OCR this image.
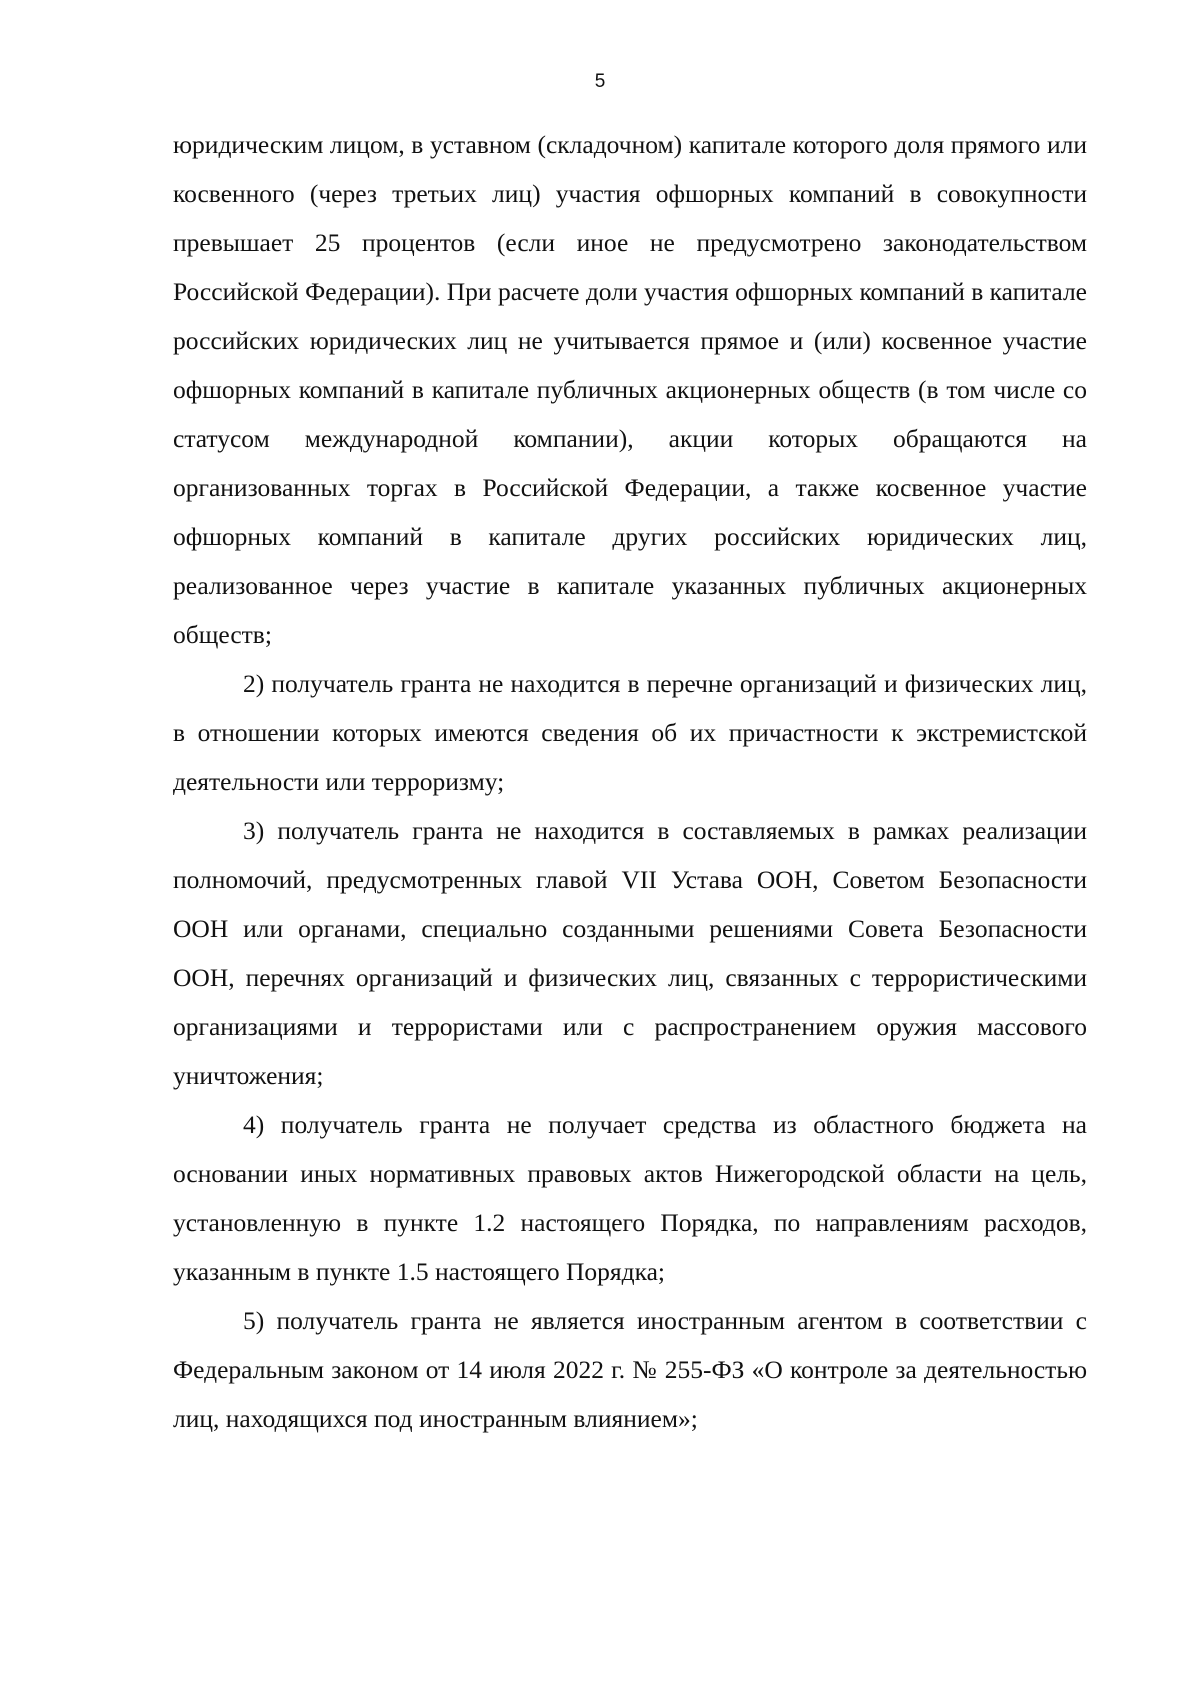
5

юридическим лицом, в уставном (складочном) капитале которого доля прямого или косвенного (через третьих лиц) участия офшорных компаний в совокупности превышает 25 процентов (если иное не предусмотрено законодательством Российской Федерации). При расчете доли участия офшорных компаний в капитале российских юридических лиц не учитывается прямое и (или) косвенное участие офшорных компаний в капитале публичных акционерных обществ (в том числе со статусом международной компании), акции которых обращаются на организованных торгах в Российской Федерации, а также косвенное участие офшорных компаний в капитале других российских юридических лиц, реализованное через участие в капитале указанных публичных акционерных обществ;

2) получатель гранта не находится в перечне организаций и физических лиц, в отношении которых имеются сведения об их причастности к экстремистской деятельности или терроризму;

3) получатель гранта не находится в составляемых в рамках реализации полномочий, предусмотренных главой VII Устава ООН, Советом Безопасности ООН или органами, специально созданными решениями Совета Безопасности ООН, перечнях организаций и физических лиц, связанных с террористическими организациями и террористами или с распространением оружия массового уничтожения;

4) получатель гранта не получает средства из областного бюджета на основании иных нормативных правовых актов Нижегородской области на цель, установленную в пункте 1.2 настоящего Порядка, по направлениям расходов, указанным в пункте 1.5 настоящего Порядка;

5) получатель гранта не является иностранным агентом в соответствии с Федеральным законом от 14 июля 2022 г. № 255-ФЗ «О контроле за деятельностью лиц, находящихся под иностранным влиянием»;
